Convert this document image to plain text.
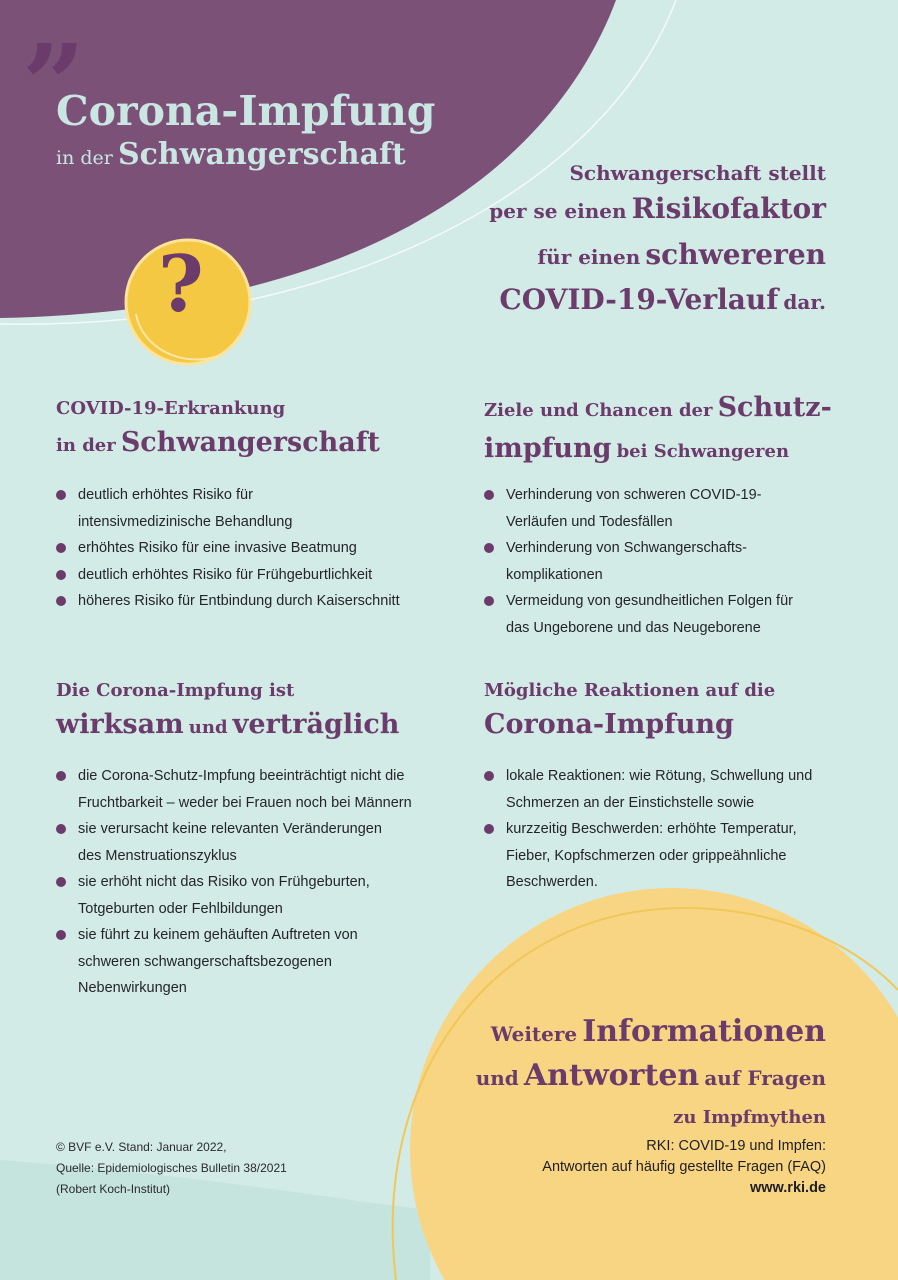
”
Corona-Impfung
in der Schwangerschaft
?
Schwangerschaft stellt
per se einen Risikofaktor
für einen schwereren
COVID-19-Verlauf dar.
COVID-19-Erkrankung
in der Schwangerschaft
deutlich erhöhtes Risiko für intensivmedizinische Behandlung
erhöhtes Risiko für eine invasive Beatmung
deutlich erhöhtes Risiko für Frühgeburtlichkeit
höheres Risiko für Entbindung durch Kaiserschnitt
Ziele und Chancen der Schutz-
impfung bei Schwangeren
Verhinderung von schweren COVID-19-Verläufen und Todesfällen
Verhinderung von Schwangerschafts-komplikationen
Vermeidung von gesundheitlichen Folgen für das Ungeborene und das Neugeborene
Die Corona-Impfung ist
wirksam und verträglich
die Corona-Schutz-Impfung beeinträchtigt nicht die Fruchtbarkeit – weder bei Frauen noch bei Männern
sie verursacht keine relevanten Veränderungen des Menstruationszyklus
sie erhöht nicht das Risiko von Frühgeburten, Totgeburten oder Fehlbildungen
sie führt zu keinem gehäuften Auftreten von schweren schwangerschaftsbezogenen Nebenwirkungen
Mögliche Reaktionen auf die
Corona-Impfung
lokale Reaktionen: wie Rötung, Schwellung und Schmerzen an der Einstichstelle sowie
kurzzeitig Beschwerden: erhöhte Temperatur, Fieber, Kopfschmerzen oder grippeähnliche Beschwerden.
Weitere Informationen
und Antworten auf Fragen
zu Impfmythen
RKI: COVID-19 und Impfen:
Antworten auf häufig gestellte Fragen (FAQ)
www.rki.de
© BVF e.V. Stand: Januar 2022,
Quelle: Epidemiologisches Bulletin 38/2021
(Robert Koch-Institut)
